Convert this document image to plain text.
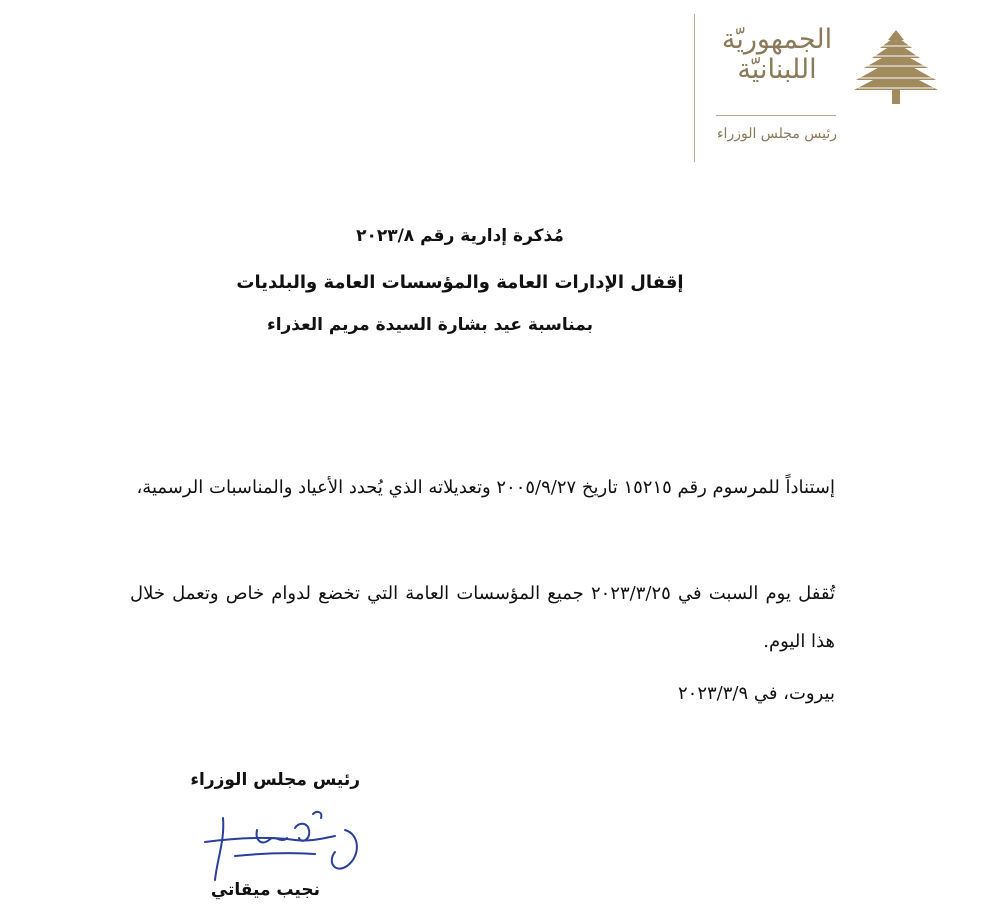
الجمهوريّة
اللبنانيّة
رئيس مجلس الوزراء

مُذكرة إدارية رقم ٢٠٢٣/٨

إقفال الإدارات العامة والمؤسسات العامة والبلديات

بمناسبة عيد بشارة السيدة مريم العذراء

إستناداً للمرسوم رقم ١٥٢١٥ تاريخ ٢٠٠٥/٩/٢٧ وتعديلاته الذي يُحدد الأعياد والمناسبات الرسمية،
تُقفل يوم السبت في ٢٠٢٣/٣/٢٥ جميع المؤسسات العامة التي تخضع لدوام خاص وتعمل خلال هذا اليوم.
بيروت، في ٢٠٢٣/٣/٩
رئيس مجلس الوزراء
نجيب ميقاتي
